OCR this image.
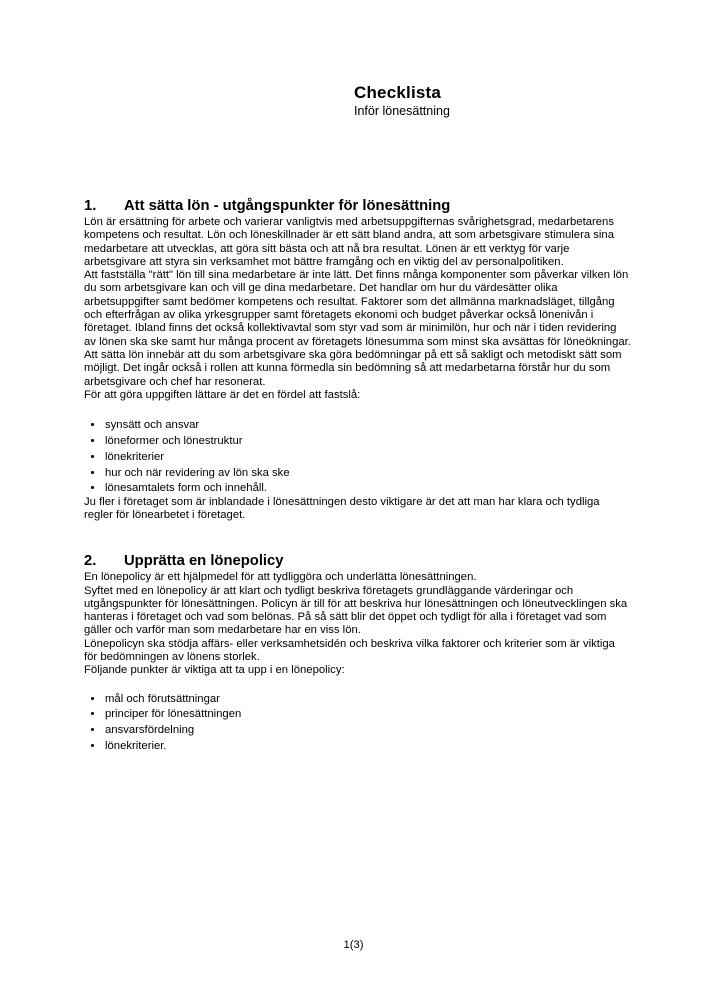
Checklista
Inför lönesättning
1.	Att sätta lön - utgångspunkter för lönesättning

Lön är ersättning för arbete och varierar vanligtvis med arbetsuppgifternas svårighetsgrad, medarbetarens kompetens och resultat. Lön och löneskillnader är ett sätt bland andra, att som arbetsgivare stimulera sina medarbetare att utvecklas, att göra sitt bästa och att nå bra resultat. Lönen är ett verktyg för varje arbetsgivare att styra sin verksamhet mot bättre framgång och en viktig del av personalpolitiken.

Att fastställa "rätt" lön till sina medarbetare är inte lätt. Det finns många komponenter som påverkar vilken lön du som arbetsgivare kan och vill ge dina medarbetare. Det handlar om hur du värdesätter olika arbetsuppgifter samt bedömer kompetens och resultat. Faktorer som det allmänna marknadsläget, tillgång och efterfrågan av olika yrkesgrupper samt företagets ekonomi och budget påverkar också lönenivån i företaget. Ibland finns det också kollektivavtal som styr vad som är minimilön, hur och när i tiden revidering av lönen ska ske samt hur många procent av företagets lönesumma som minst ska avsättas för löneökningar.

Att sätta lön innebär att du som arbetsgivare ska göra bedömningar på ett så sakligt och metodiskt sätt som möjligt. Det ingår också i rollen att kunna förmedla sin bedömning så att medarbetarna förstår hur du som arbetsgivare och chef har resonerat.

För att göra uppgiften lättare är det en fördel att fastslå:

• synsätt och ansvar
• löneformer och lönestruktur
• lönekriterier
• hur och när revidering av lön ska ske
• lönesamtalets form och innehåll.

Ju fler i företaget som är inblandade i lönesättningen desto viktigare är det att man har klara och tydliga regler för lönearbetet i företaget.

2.	Upprätta en lönepolicy

En lönepolicy är ett hjälpmedel för att tydliggöra och underlätta lönesättningen.

Syftet med en lönepolicy är att klart och tydligt beskriva företagets grundläggande värderingar och utgångspunkter för lönesättningen. Policyn är till för att beskriva hur lönesättningen och löneutvecklingen ska hanteras i företaget och vad som belönas. På så sätt blir det öppet och tydligt för alla i företaget vad som gäller och varför man som medarbetare har en viss lön.

Lönepolicyn ska stödja affärs- eller verksamhetsidén och beskriva vilka faktorer och kriterier som är viktiga för bedömningen av lönens storlek.

Följande punkter är viktiga att ta upp i en lönepolicy:

• mål och förutsättningar
• principer för lönesättningen
• ansvarsfördelning
• lönekriterier.
1(3)
